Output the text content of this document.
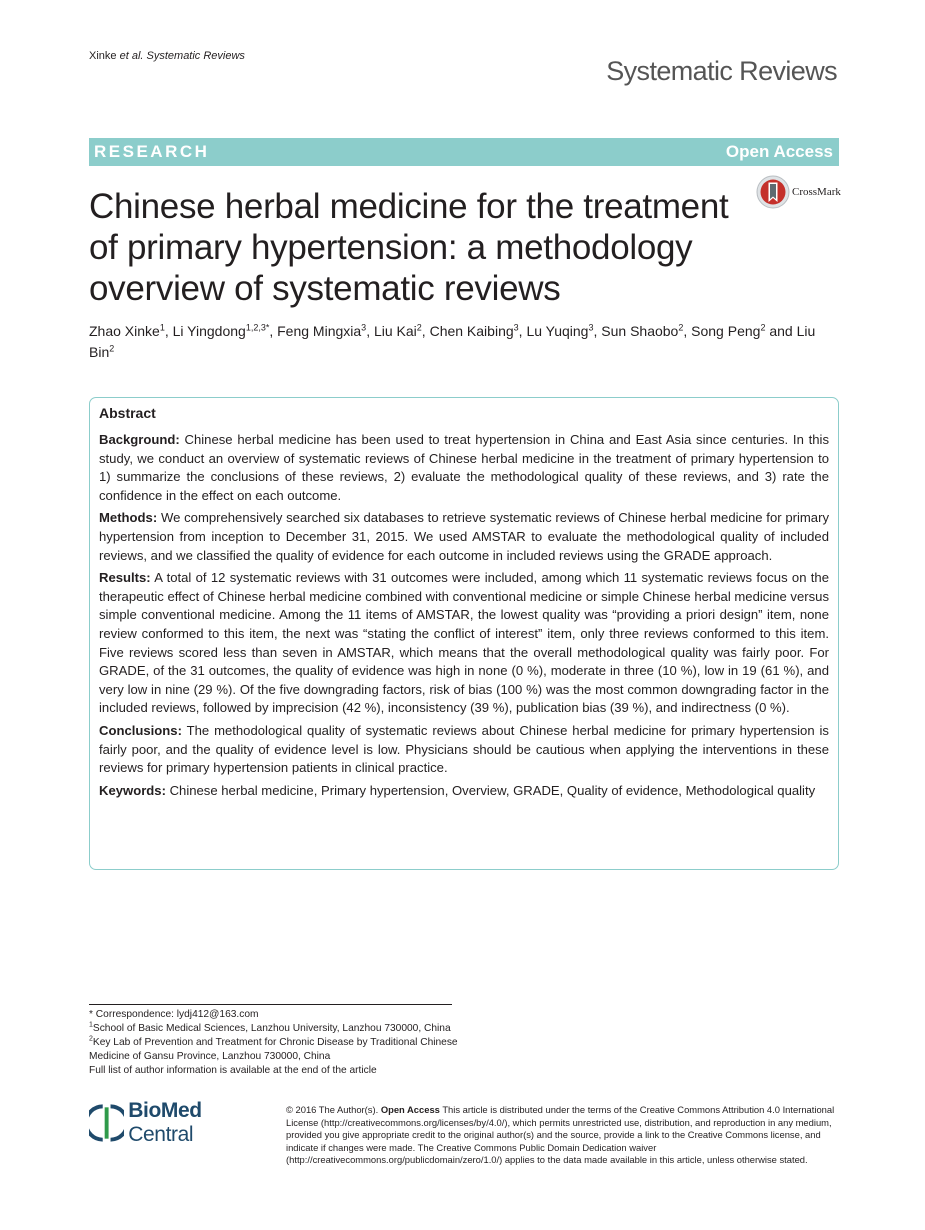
Xinke et al. Systematic Reviews	Systematic Reviews
RESEARCH	Open Access
Chinese herbal medicine for the treatment of primary hypertension: a methodology overview of systematic reviews
CrossMark
Zhao Xinke$^1$, Li Yingdong$^{1,2,3*}$, Feng Mingxia$^3$, Liu Kai$^2$, Chen Kaibing$^3$, Lu Yuqing$^3$, Sun Shaobo$^2$, Song Peng$^2$ and Liu Bin$^2$

Abstract

Background: Chinese herbal medicine has been used to treat hypertension in China and East Asia since centuries. In this study, we conduct an overview of systematic reviews of Chinese herbal medicine in the treatment of primary hypertension to 1) summarize the conclusions of these reviews, 2) evaluate the methodological quality of these reviews, and 3) rate the confidence in the effect on each outcome.

Methods: We comprehensively searched six databases to retrieve systematic reviews of Chinese herbal medicine for primary hypertension from inception to December 31, 2015. We used AMSTAR to evaluate the methodological quality of included reviews, and we classified the quality of evidence for each outcome in included reviews using the GRADE approach.

Results: A total of 12 systematic reviews with 31 outcomes were included, among which 11 systematic reviews focus on the therapeutic effect of Chinese herbal medicine combined with conventional medicine or simple Chinese herbal medicine versus simple conventional medicine. Among the 11 items of AMSTAR, the lowest quality was “providing a priori design” item, none review conformed to this item, the next was “stating the conflict of interest” item, only three reviews conformed to this item. Five reviews scored less than seven in AMSTAR, which means that the overall methodological quality was fairly poor. For GRADE, of the 31 outcomes, the quality of evidence was high in none (0 %), moderate in three (10 %), low in 19 (61 %), and very low in nine (29 %). Of the five downgrading factors, risk of bias (100 %) was the most common downgrading factor in the included reviews, followed by imprecision (42 %), inconsistency (39 %), publication bias (39 %), and indirectness (0 %).

Conclusions: The methodological quality of systematic reviews about Chinese herbal medicine for primary hypertension is fairly poor, and the quality of evidence level is low. Physicians should be cautious when applying the interventions in these reviews for primary hypertension patients in clinical practice.

Keywords: Chinese herbal medicine, Primary hypertension, Overview, GRADE, Quality of evidence, Methodological quality

* Correspondence: lydj412@163.com

$^1$School of Basic Medical Sciences, Lanzhou University, Lanzhou 730000, China

$^2$Key Lab of Prevention and Treatment for Chronic Disease by Traditional Chinese Medicine of Gansu Province, Lanzhou 730000, China

Full list of author information is available at the end of the article

BioMed Central
© 2016 The Author(s). Open Access This article is distributed under the terms of the Creative Commons Attribution 4.0 International License (http://creativecommons.org/licenses/by/4.0/), which permits unrestricted use, distribution, and reproduction in any medium, provided you give appropriate credit to the original author(s) and the source, provide a link to the Creative Commons license, and indicate if changes were made. The Creative Commons Public Domain Dedication waiver (http://creativecommons.org/publicdomain/zero/1.0/) applies to the data made available in this article, unless otherwise stated.
